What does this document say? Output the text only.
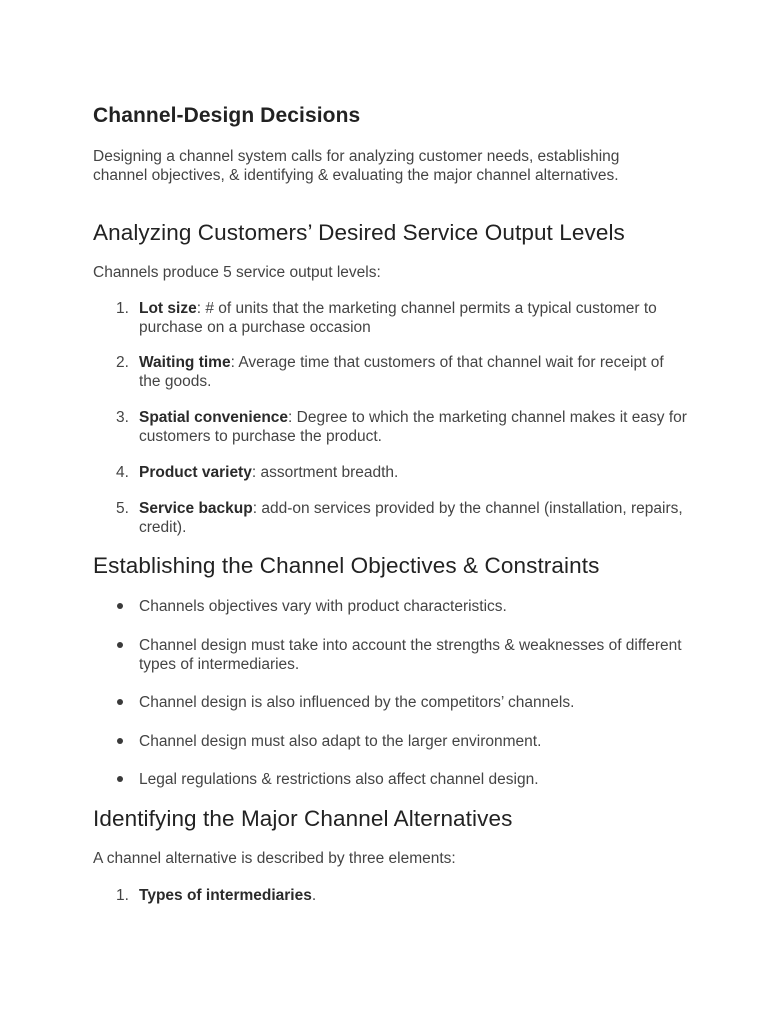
Channel-Design Decisions

Designing a channel system calls for analyzing customer needs, establishing channel objectives, & identifying & evaluating the major channel alternatives.

Analyzing Customers’ Desired Service Output Levels

Channels produce 5 service output levels:

1. Lot size: # of units that the marketing channel permits a typical customer to purchase on a purchase occasion

2. Waiting time: Average time that customers of that channel wait for receipt of the goods.

3. Spatial convenience: Degree to which the marketing channel makes it easy for customers to purchase the product.

4. Product variety: assortment breadth.

5. Service backup: add-on services provided by the channel (installation, repairs, credit).

Establishing the Channel Objectives & Constraints

Channels objectives vary with product characteristics.

Channel design must take into account the strengths & weaknesses of different types of intermediaries.

Channel design is also influenced by the competitors’ channels.

Channel design must also adapt to the larger environment.

Legal regulations & restrictions also affect channel design.

Identifying the Major Channel Alternatives

A channel alternative is described by three elements:

1. Types of intermediaries.
